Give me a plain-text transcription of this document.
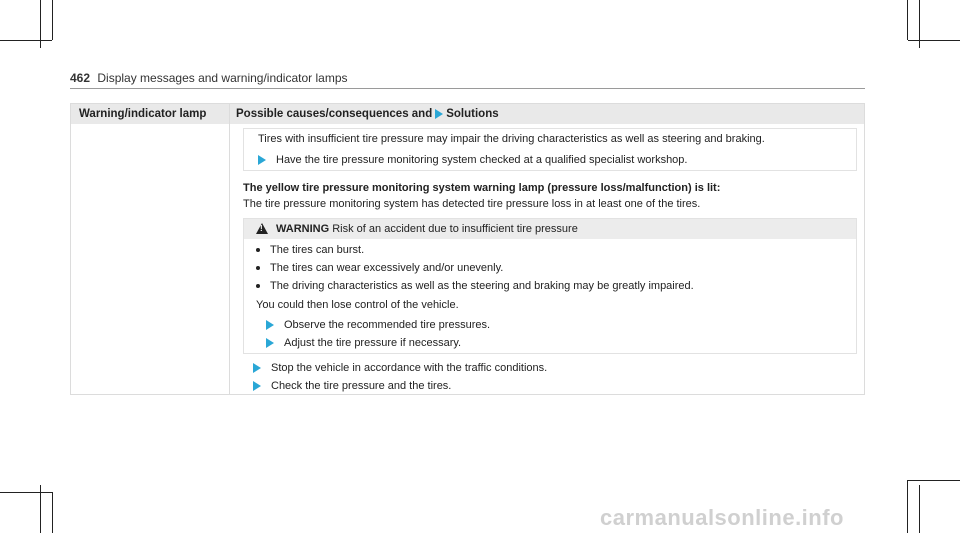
462 Display messages and warning/indicator lamps
Warning/indicator lamp	Possible causes/consequences and Solutions
Tires with insufficient tire pressure may impair the driving characteristics as well as steering and braking.
Have the tire pressure monitoring system checked at a qualified specialist workshop.
The yellow tire pressure monitoring system warning lamp (pressure loss/malfunction) is lit:
The tire pressure monitoring system has detected tire pressure loss in at least one of the tires.
!
WARNING Risk of an accident due to insufficient tire pressure
The tires can burst.
The tires can wear excessively and/or unevenly.
The driving characteristics as well as the steering and braking may be greatly impaired.
You could then lose control of the vehicle.
Observe the recommended tire pressures.
Adjust the tire pressure if necessary.
Stop the vehicle in accordance with the traffic conditions.
Check the tire pressure and the tires.
carmanualsonline.info
